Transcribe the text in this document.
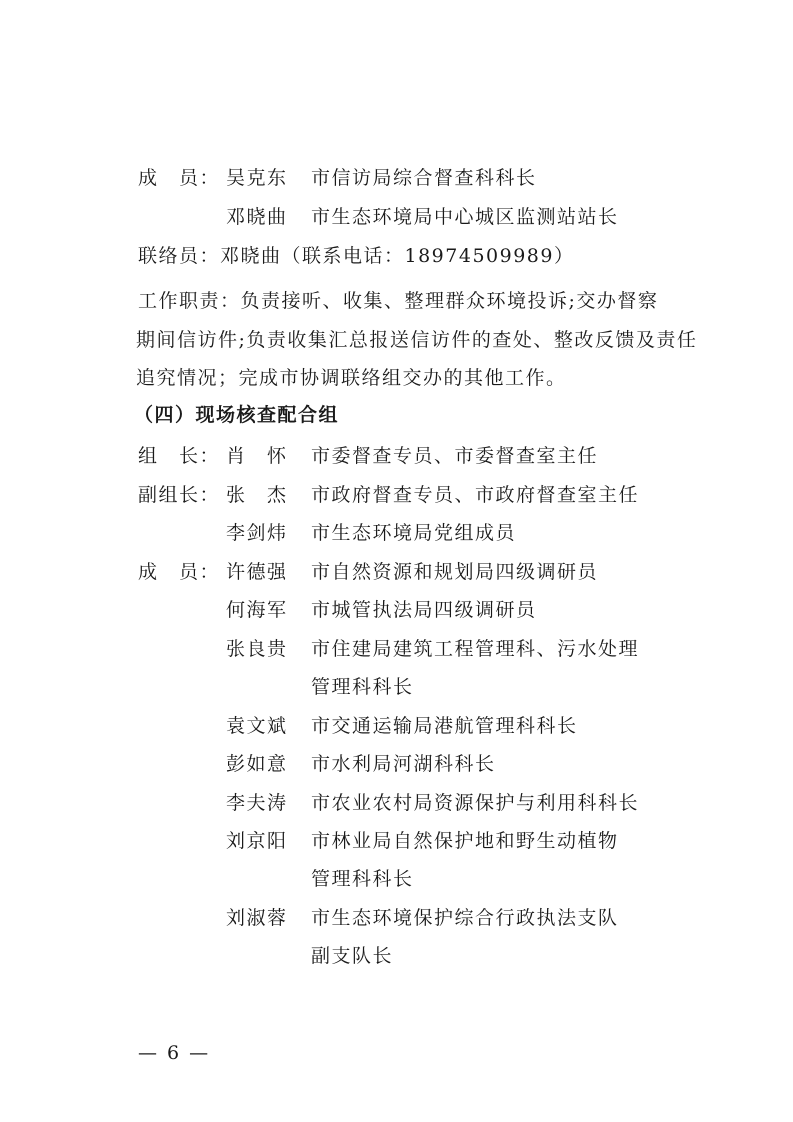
成　员： 吴克东 市信访局综合督查科科长
邓晓曲 市生态环境局中心城区监测站站长
联络员：邓晓曲（联系电话：18974509989）
工作职责：负责接听、收集、整理群众环境投诉;交办督察
期间信访件;负责收集汇总报送信访件的查处、整改反馈及责任
追究情况；完成市协调联络组交办的其他工作。
（四）现场核查配合组
组　长： 肖　怀 市委督查专员、市委督查室主任
副组长： 张　杰 市政府督查专员、市政府督查室主任
李剑炜 市生态环境局党组成员
成　员： 许德强 市自然资源和规划局四级调研员
何海军 市城管执法局四级调研员
张良贵 市住建局建筑工程管理科、污水处理
管理科科长
袁文斌 市交通运输局港航管理科科长
彭如意 市水利局河湖科科长
李夫涛 市农业农村局资源保护与利用科科长
刘京阳 市林业局自然保护地和野生动植物
管理科科长
刘淑蓉 市生态环境保护综合行政执法支队
副支队长
— 6 —
